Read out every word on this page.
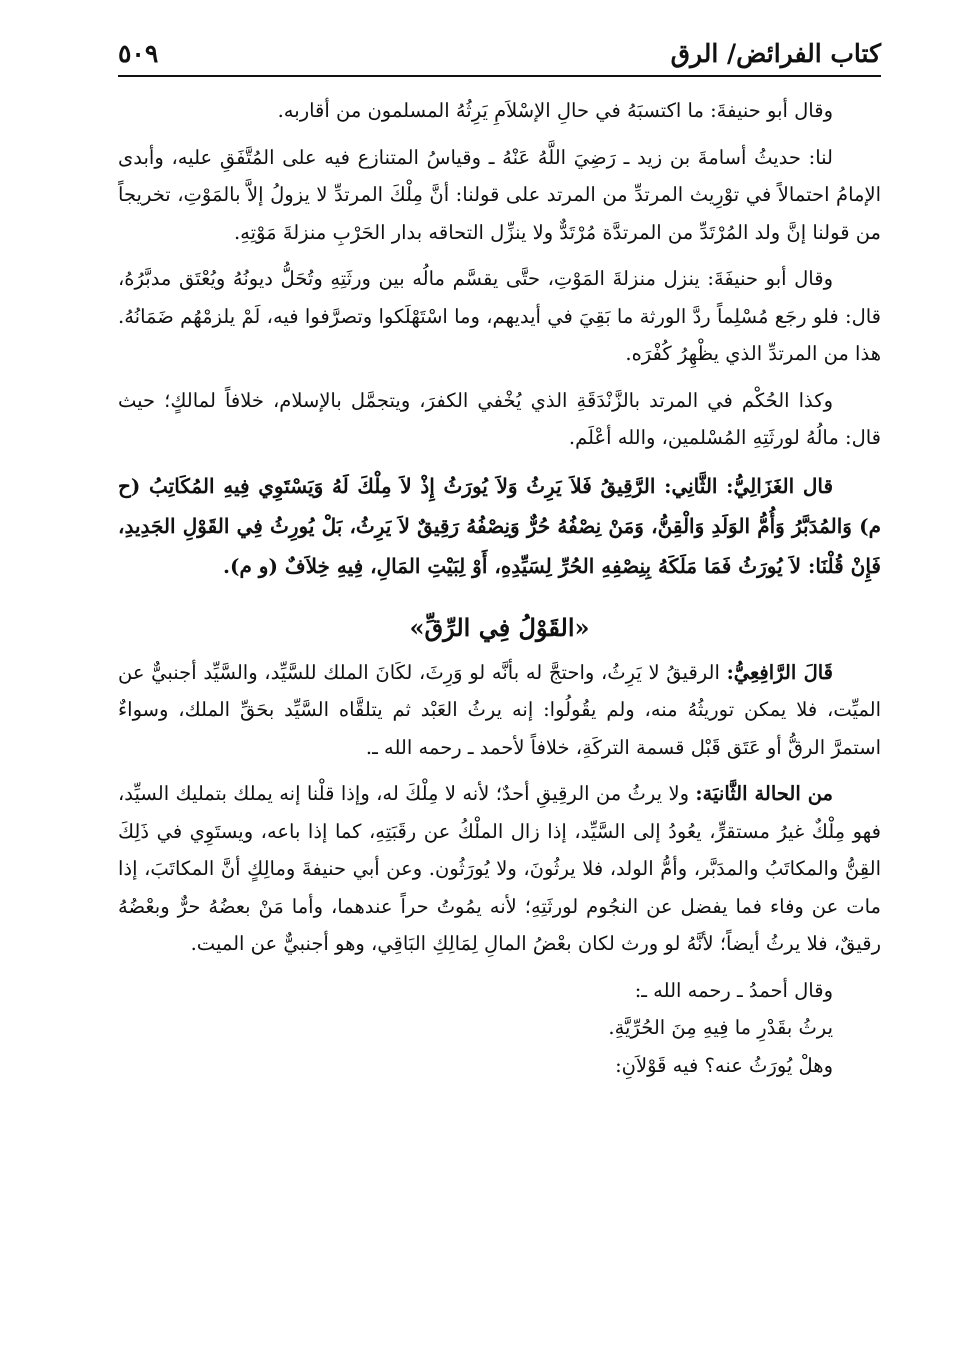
كتاب الفرائض/ الرق
٥٠٩

وقال أبو حنيفةَ: ما اكتسبَهُ في حالِ الإسْلاَمِ يَرِثُهُ المسلمون من أقاربه.

لنا: حديثُ أسامةَ بن زيد ـ رَضِيَ اللَّهُ عَنْهُ ـ وقياسُ المتنازع فيه على المُتَّفَقِ عليه، وأبدى الإمامُ احتمالاً في توْرِيث المرتدِّ من المرتد على قولنا: أنَّ مِلْكَ المرتدِّ لا يزولُ إلاَّ بالمَوْتِ، تخريجاً من قولنا إنَّ ولد المُرْتَدِّ من المرتدَّة مُرْتَدٌّ ولا ينزِّل التحاقه بدار الحَرْبِ منزلةَ مَوْتِهِ.

وقال أبو حنيفَةَ: ينزل منزلةَ المَوْتِ، حتَّى يقسَّم مالُه بين ورثَتِهِ وتُحَلُّ ديونُهُ ويُعْتَق مدبَّرُهُ، قال: فلو رجَع مُسْلِماً ردَّ الورثة ما بَقِيَ في أيديهم، وما اسْتَهْلَكوا وتصرَّفوا فيه، لَمْ يلزمْهُم ضَمَانُهُ. هذا من المرتدِّ الذي يظْهِرُ كُفْرَه.

وكذا الحُكْم في المرتد بالزَّنْدَقَةِ الذي يُخْفي الكفرَ، ويتجمَّل بالإسلام، خلافاً لمالكٍ؛ حيث قال: مالُهُ لورثَتِهِ المُسْلمين، والله أعْلَم.

قال الغَزَالِيُّ: الثَّانِي: الرَّقِيقُ فَلاَ يَرِثُ وَلاَ يُورَثُ إِذْ لاَ مِلْكَ لَهُ وَيَسْتَوِي فِيهِ المُكَاتِبُ (ح م) وَالمُدَبَّرُ وَأُمُّ الوَلَدِ وَالْقِنُّ، وَمَنْ نِصْفُهُ حُرٌّ وَنِصْفُهُ رَقِيقٌ لاَ يَرِثُ، بَلْ يُورِثُ فِي القَوْلِ الجَدِيدِ، فَإِنْ قُلْنَا: لاَ يُورَثُ فَمَا مَلَكَهُ بِنِصْفِهِ الحُرِّ لِسَيِّدِهِ، أَوْ لِبَيْتِ المَالِ، فِيهِ خِلاَفٌ (و م).

«القَوْلُ فِي الرِّقِّ»

قَالَ الرَّافِعِيُّ: الرقيقُ لا يَرِثُ، واحتجَّ له بأنَّه لو وَرِثَ، لكَانَ الملك للسَّيِّد، والسَّيِّد أجنبيٌّ عن الميِّت، فلا يمكن توريثُهُ منه، ولم يقُولُوا: إنه يرثُ العَبْد ثم يتلقَّاه السَّيِّد بحَقِّ الملك، وسواءٌ استمرَّ الرقُّ أو عَتَق قَبْل قسمة التركَةِ، خلافاً لأحمد ـ رحمه الله ـ.

من الحالة الثَّانيَة: ولا يرثُ من الرقِيقِ أحدٌ؛ لأنه لا مِلْكَ له، وإذا قلْنا إنه يملك بتمليك السيِّد، فهو مِلْكٌ غيرُ مستقرٍّ، يعُودُ إلى السَّيِّد، إذا زال الملْكُ عن رقَبَتِهِ، كما إذا باعه، ويستَوِي في ذَلِكَ القِنُّ والمكاتَبُ والمدَبَّر، وأمُّ الولد، فلا يرثُونَ، ولا يُورَثُون. وعن أبي حنيفةَ ومالِكٍ أنَّ المكاتَبَ، إذا مات عن وفاء فما يفضل عن النجُوم لورثَتِهِ؛ لأنه يمُوتُ حراً عندهما، وأما مَنْ بعضُهُ حرٌّ وبعْضُهُ رقيقٌ، فلا يرثُ أيضاً؛ لأنَّهُ لو ورث لكان بعْضُ المالِ لِمَالِكِ البَاقِي، وهو أجنبيٌّ عن الميت.

وقال أحمدُ ـ رحمه الله ـ:

يرثُ بقَدْرِ ما فِيهِ مِنَ الحُرِّيَّةِ.

وهلْ يُورَثُ عنه؟ فيه قَوْلاَنِ:
